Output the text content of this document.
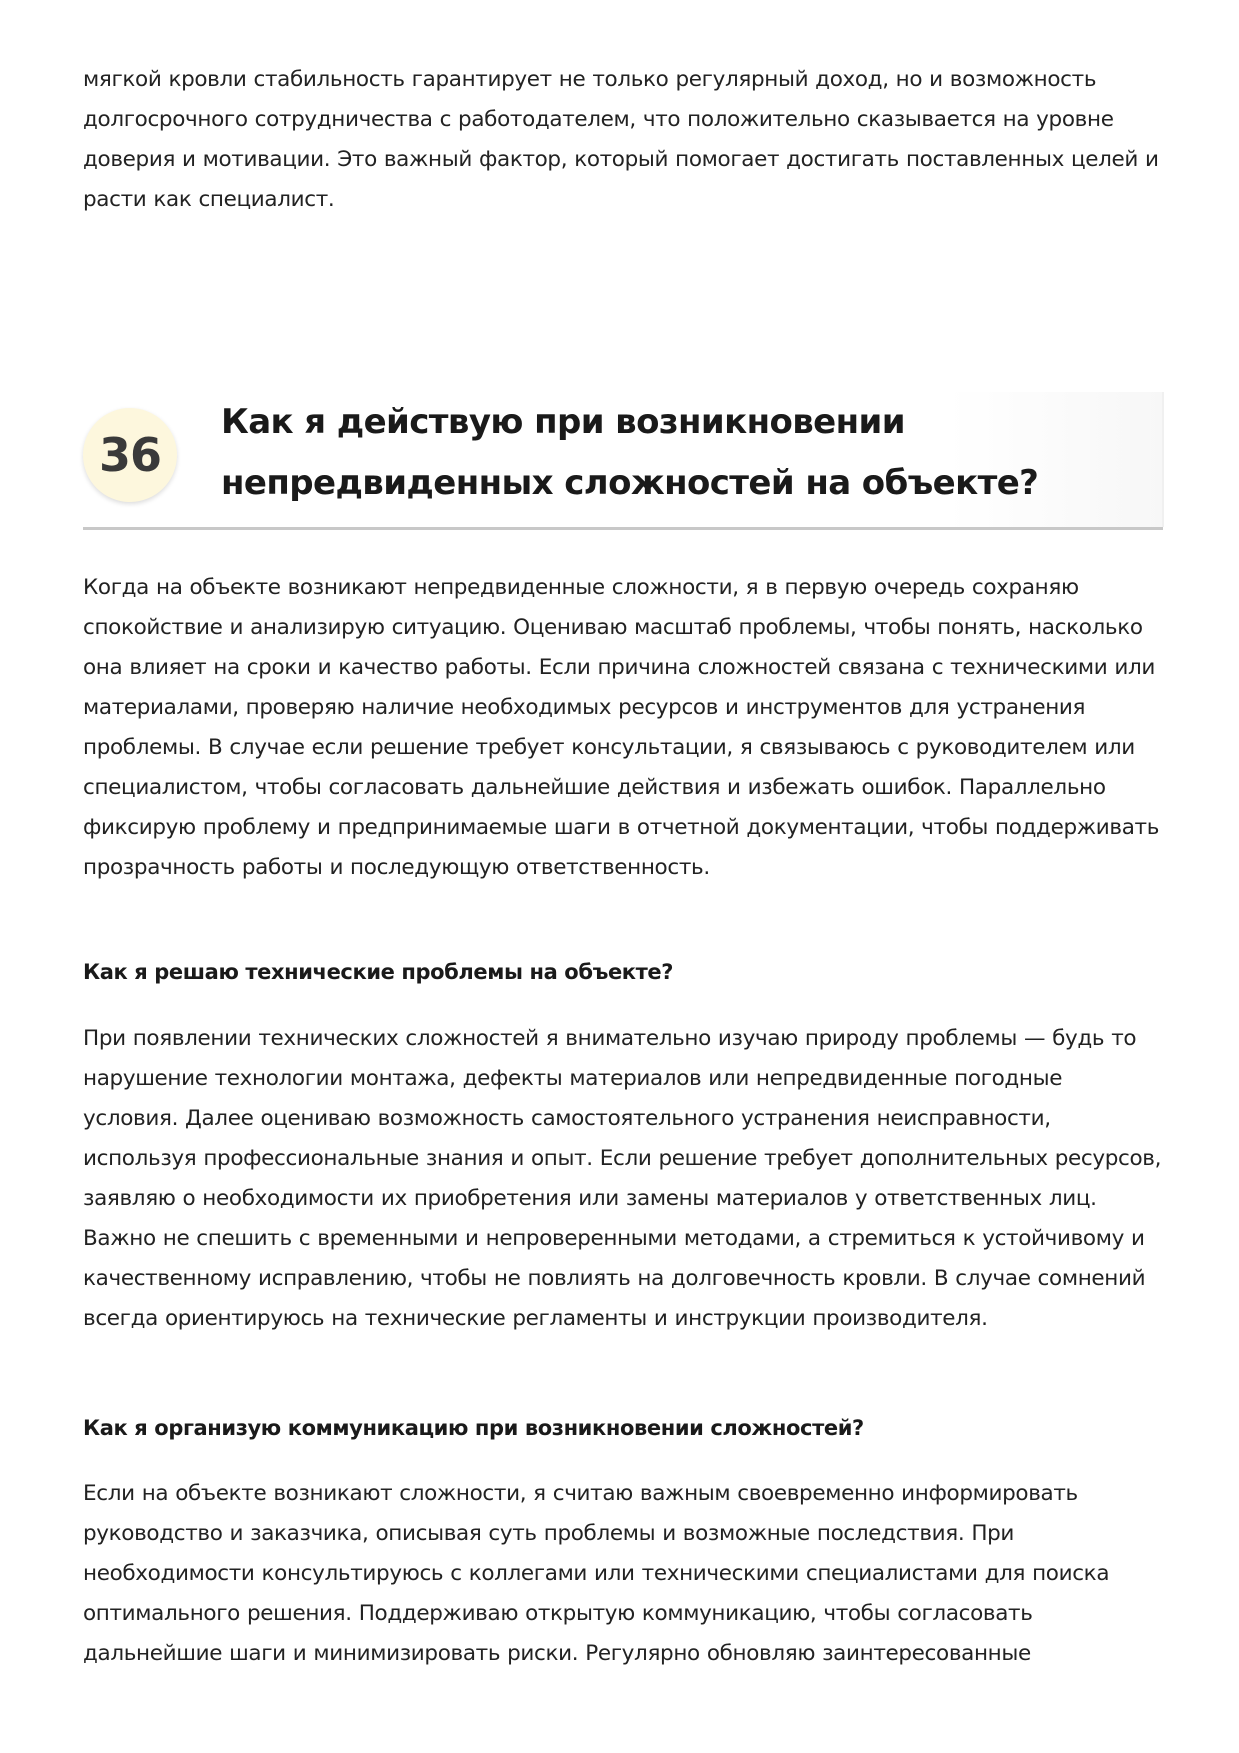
мягкой кровли стабильность гарантирует не только регулярный доход, но и возможность долгосрочного сотрудничества с работодателем, что положительно сказывается на уровне доверия и мотивации. Это важный фактор, который помогает достигать поставленных целей и расти как специалист.

36
Как я действую при возникновении непредвиденных сложностей на объекте?

Когда на объекте возникают непредвиденные сложности, я в первую очередь сохраняю спокойствие и анализирую ситуацию. Оцениваю масштаб проблемы, чтобы понять, насколько она влияет на сроки и качество работы. Если причина сложностей связана с техническими или материалами, проверяю наличие необходимых ресурсов и инструментов для устранения проблемы. В случае если решение требует консультации, я связываюсь с руководителем или специалистом, чтобы согласовать дальнейшие действия и избежать ошибок. Параллельно фиксирую проблему и предпринимаемые шаги в отчетной документации, чтобы поддерживать прозрачность работы и последующую ответственность.

Как я решаю технические проблемы на объекте?

При появлении технических сложностей я внимательно изучаю природу проблемы — будь то нарушение технологии монтажа, дефекты материалов или непредвиденные погодные условия. Далее оцениваю возможность самостоятельного устранения неисправности, используя профессиональные знания и опыт. Если решение требует дополнительных ресурсов, заявляю о необходимости их приобретения или замены материалов у ответственных лиц. Важно не спешить с временными и непроверенными методами, а стремиться к устойчивому и качественному исправлению, чтобы не повлиять на долговечность кровли. В случае сомнений всегда ориентируюсь на технические регламенты и инструкции производителя.

Как я организую коммуникацию при возникновении сложностей?

Если на объекте возникают сложности, я считаю важным своевременно информировать руководство и заказчика, описывая суть проблемы и возможные последствия. При необходимости консультируюсь с коллегами или техническими специалистами для поиска оптимального решения. Поддерживаю открытую коммуникацию, чтобы согласовать дальнейшие шаги и минимизировать риски. Регулярно обновляю заинтересованные
